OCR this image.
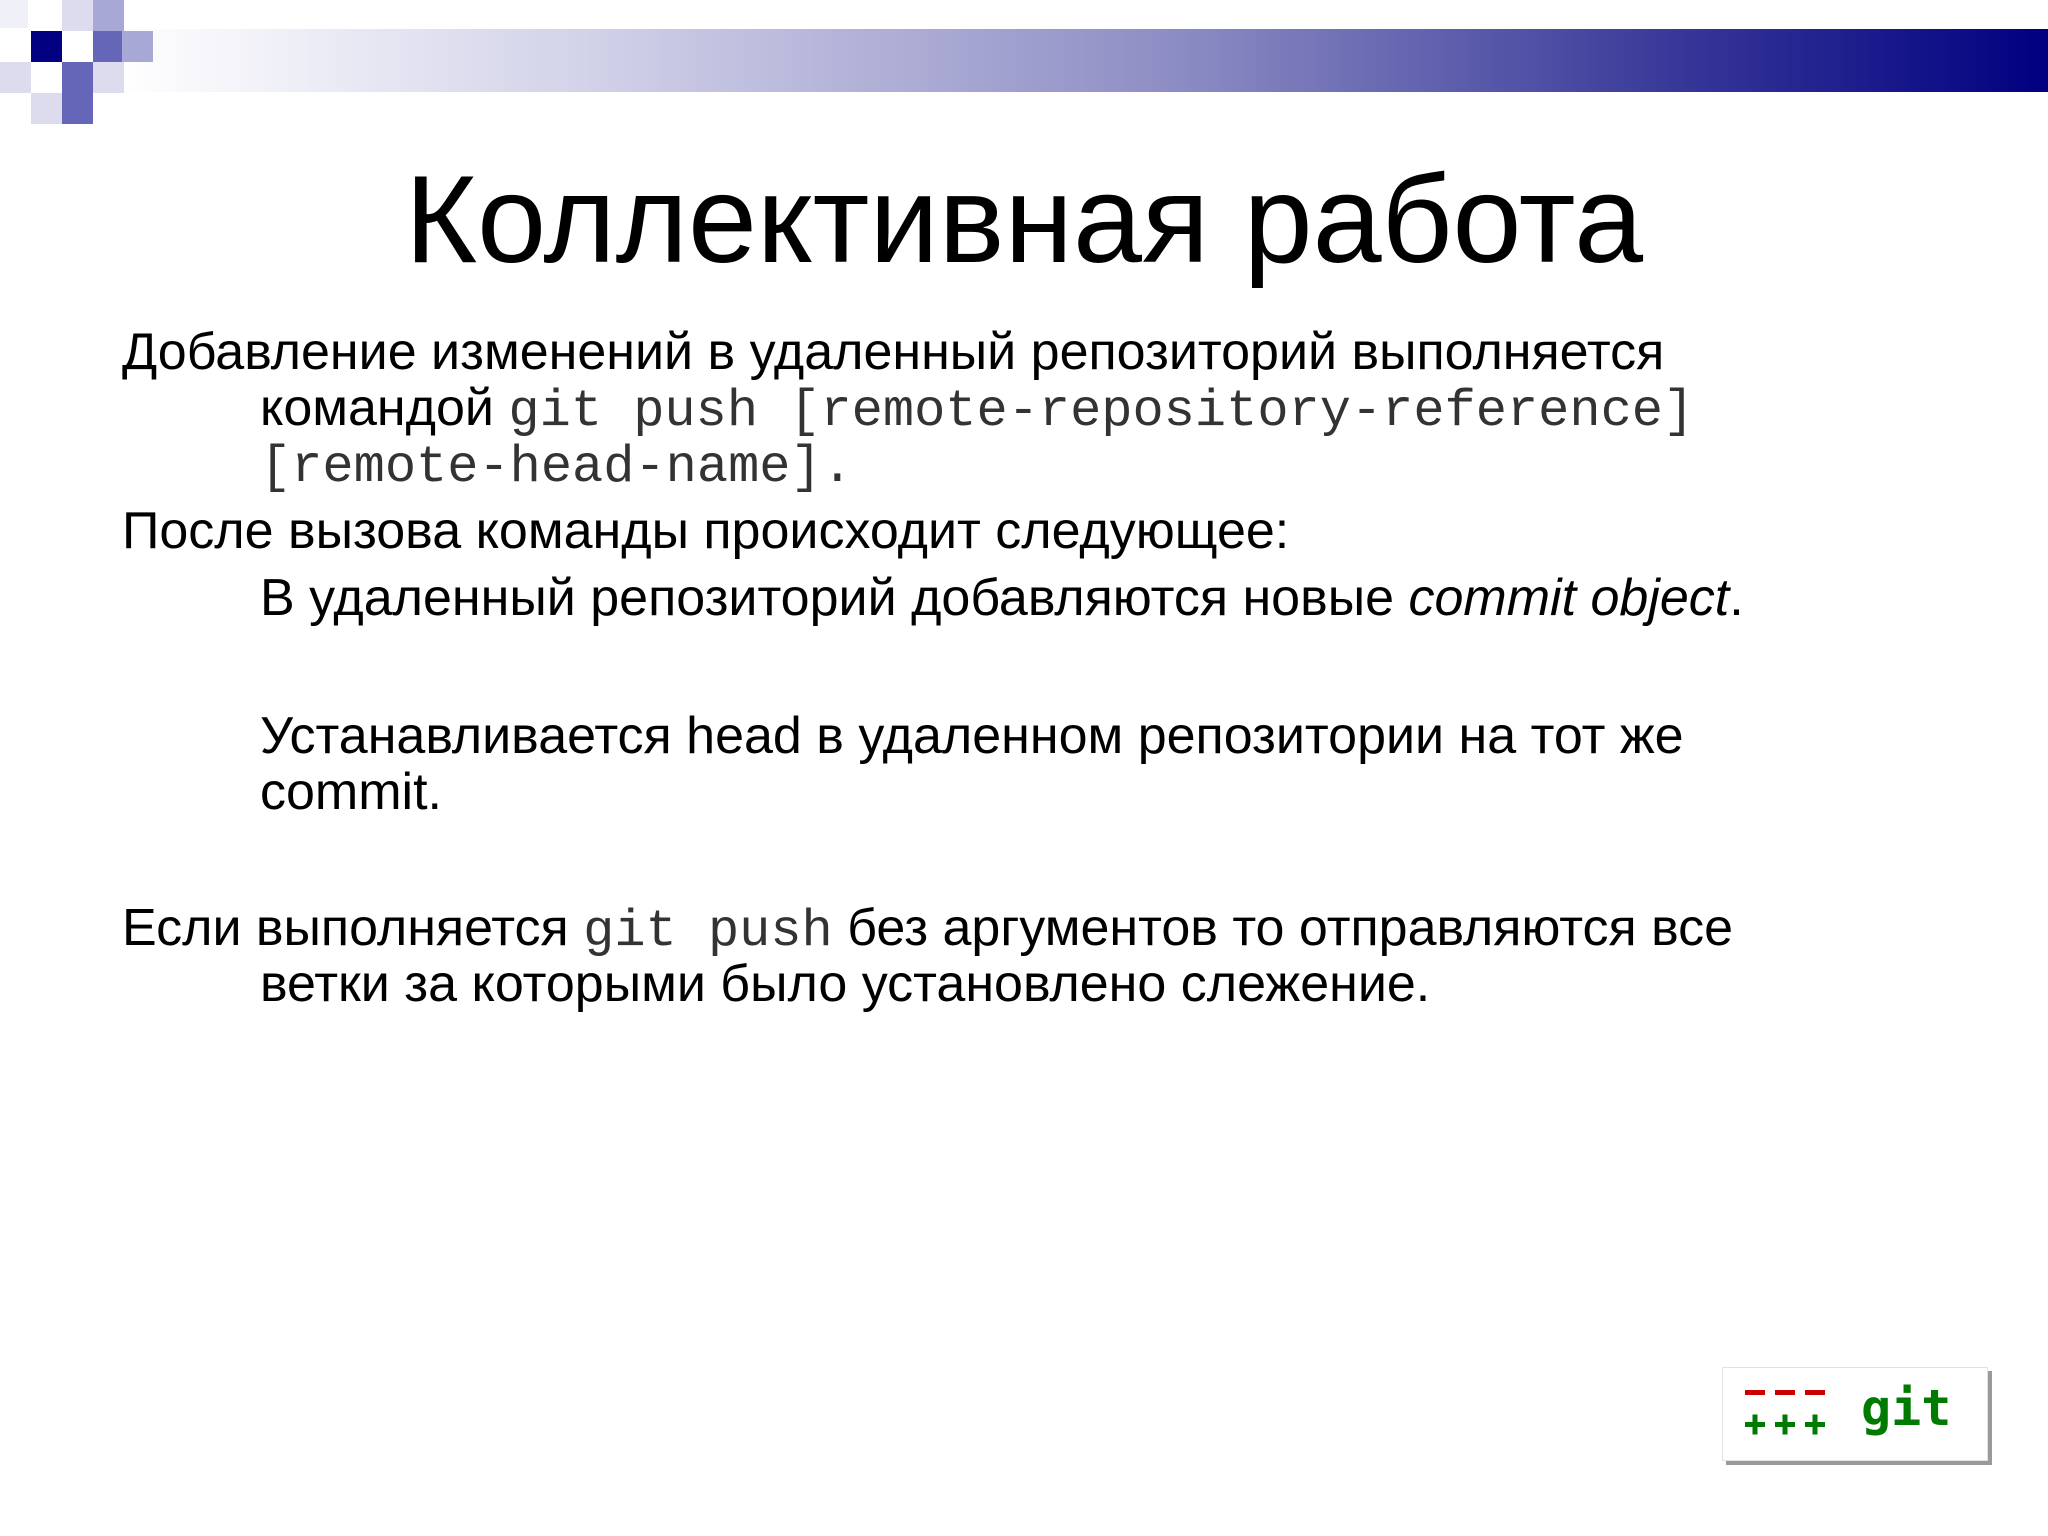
Коллективная работа
Добавление изменений в удаленный репозиторий выполняется
командой git push [remote-repository-reference]
[remote-head-name].
После вызова команды происходит следующее:
В удаленный репозиторий добавляются новые commit object.
Устанавливается head в удаленном репозитории на тот же
commit.
Если выполняется git push без аргументов то отправляются все
ветки за которыми было установлено слежение.
git
